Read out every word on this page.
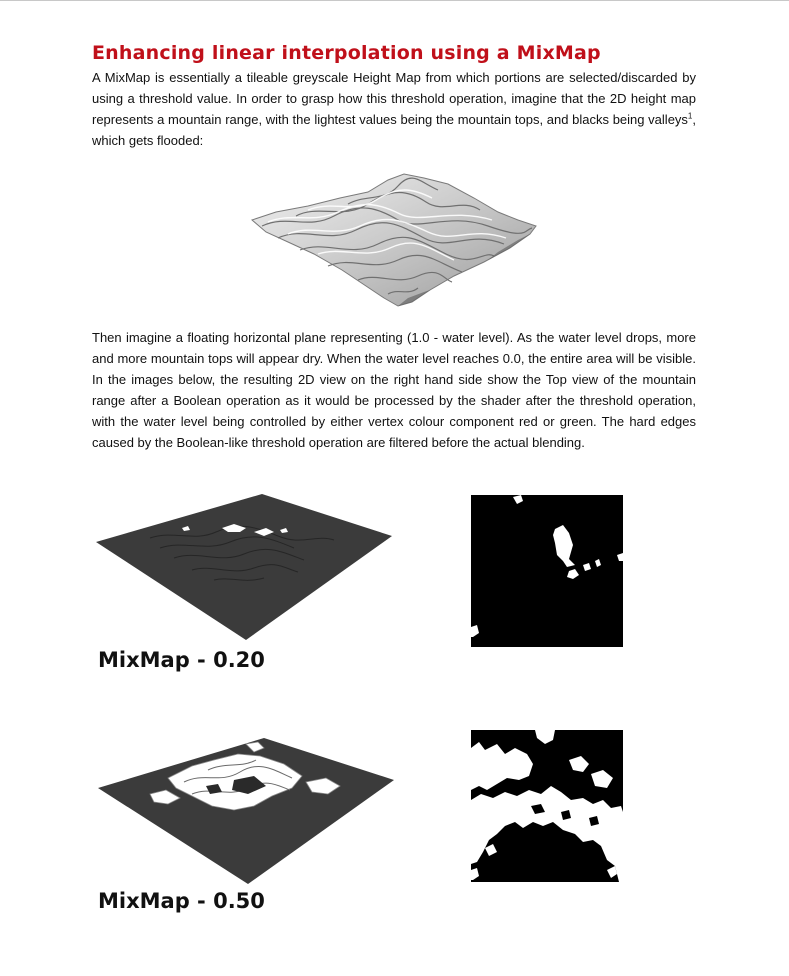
Enhancing linear interpolation using a MixMap

A MixMap is essentially a tileable greyscale Height Map from which portions are selected/discarded by using a threshold value. In order to grasp how this threshold operation, imagine that the 2D height map represents a mountain range, with the lightest values being the mountain tops, and blacks being valleys$^1$, which gets flooded:

Then imagine a floating horizontal plane representing (1.0 - water level). As the water level drops, more and more mountain tops will appear dry. When the water level reaches 0.0, the entire area will be visible. In the images below, the resulting 2D view on the right hand side show the Top view of the mountain range after a Boolean operation as it would be processed by the shader after the threshold operation, with the water level being controlled by either vertex colour component red or green. The hard edges caused by the Boolean-like threshold operation are filtered before the actual blending.

MixMap - 0.20

MixMap - 0.50
